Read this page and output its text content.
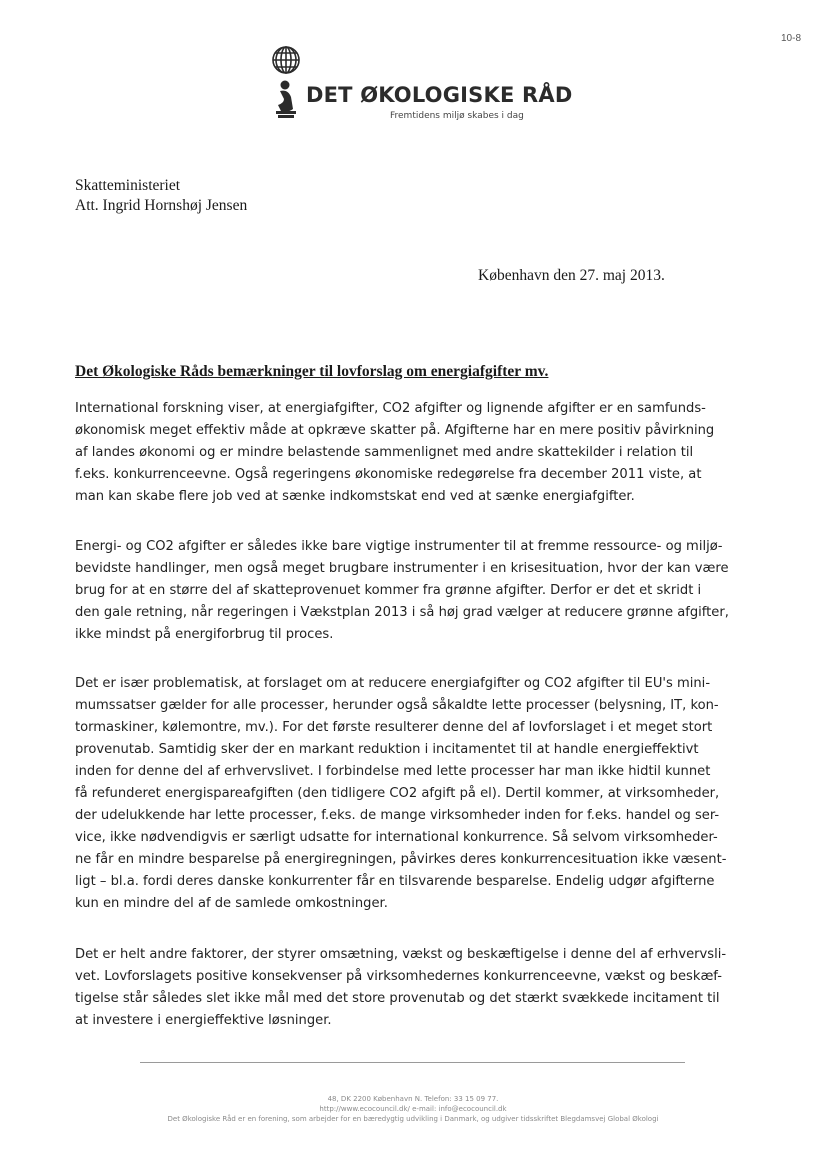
10-8
DET ØKOLOGISKE RÅD
Fremtidens miljø skabes i dag
Skatteministeriet
Att. Ingrid Hornshøj Jensen
København den 27. maj 2013.
Det Økologiske Råds bemærkninger til lovforslag om energiafgifter mv.

International forskning viser, at energiafgifter, CO2 afgifter og lignende afgifter er en samfunds-
økonomisk meget effektiv måde at opkræve skatter på. Afgifterne har en mere positiv påvirkning
af landes økonomi og er mindre belastende sammenlignet med andre skattekilder i relation til
f.eks. konkurrenceevne. Også regeringens økonomiske redegørelse fra december 2011 viste, at
man kan skabe flere job ved at sænke indkomstskat end ved at sænke energiafgifter.

Energi- og CO2 afgifter er således ikke bare vigtige instrumenter til at fremme ressource- og miljø-
bevidste handlinger, men også meget brugbare instrumenter i en krisesituation, hvor der kan være
brug for at en større del af skatteprovenuet kommer fra grønne afgifter. Derfor er det et skridt i
den gale retning, når regeringen i Vækstplan 2013 i så høj grad vælger at reducere grønne afgifter,
ikke mindst på energiforbrug til proces.

Det er især problematisk, at forslaget om at reducere energiafgifter og CO2 afgifter til EU's mini-
mumssatser gælder for alle processer, herunder også såkaldte lette processer (belysning, IT, kon-
tormaskiner, kølemontre, mv.). For det første resulterer denne del af lovforslaget i et meget stort
provenutab. Samtidig sker der en markant reduktion i incitamentet til at handle energieffektivt
inden for denne del af erhvervslivet. I forbindelse med lette processer har man ikke hidtil kunnet
få refunderet energispareafgiften (den tidligere CO2 afgift på el). Dertil kommer, at virksomheder,
der udelukkende har lette processer, f.eks. de mange virksomheder inden for f.eks. handel og ser-
vice, ikke nødvendigvis er særligt udsatte for international konkurrence. Så selvom virksomheder-
ne får en mindre besparelse på energiregningen, påvirkes deres konkurrencesituation ikke væsent-
ligt – bl.a. fordi deres danske konkurrenter får en tilsvarende besparelse. Endelig udgør afgifterne
kun en mindre del af de samlede omkostninger.

Det er helt andre faktorer, der styrer omsætning, vækst og beskæftigelse i denne del af erhvervsli-
vet. Lovforslagets positive konsekvenser på virksomhedernes konkurrenceevne, vækst og beskæf-
tigelse står således slet ikke mål med det store provenutab og det stærkt svækkede incitament til
at investere i energieffektive løsninger.

48, DK 2200 København N. Telefon: 33 15 09 77.
http://www.ecocouncil.dk/ e-mail: info@ecocouncil.dk
Det Økologiske Råd er en forening, som arbejder for en bæredygtig udvikling i Danmark, og udgiver tidsskriftet Blegdamsvej Global Økologi
